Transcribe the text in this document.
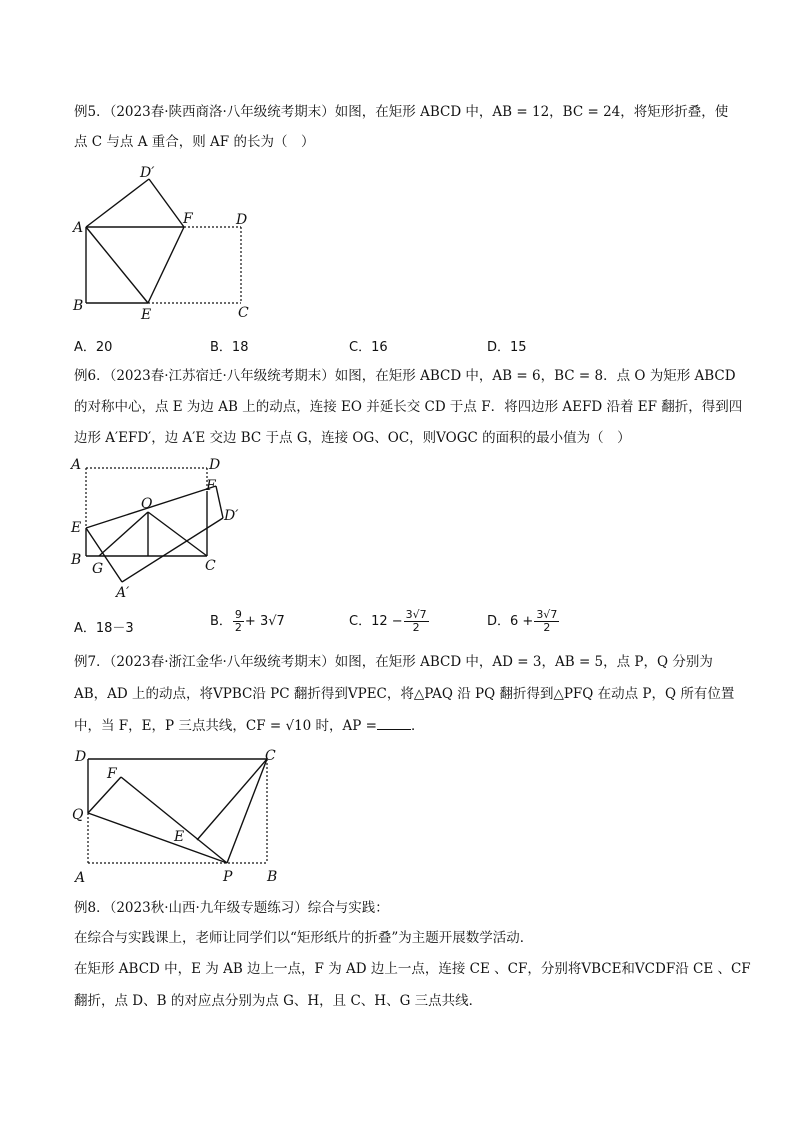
例5．（2023春·陕西商洛·八年级统考期末）如图，在矩形 ABCD 中，AB = 12，BC = 24，将矩形折叠，使
点 C 与点 A 重合，则 AF 的长为（　）
D′
A
F	D
B
E	C
A．20	B．18	C．16	D．15
例6．（2023春·江苏宿迁·八年级统考期末）如图，在矩形 ABCD 中，AB = 6，BC = 8．点 O 为矩形 ABCD
的对称中心，点 E 为边 AB 上的动点，连接 EO 并延长交 CD 于点 F．将四边形 AEFD 沿着 EF 翻折，得到四
边形 A′EFD′，边 A′E 交边 BC 于点 G，连接 OG、OC，则VOGC 的面积的最小值为（　）
A	D
F
O
D′
E
B
G	C
A′
A．18－3	B． $\frac{9}{2} + 3√7$	C．$12 - \frac{3√7}{2}$	D．$6 + \frac{3√7}{2}$
例7．（2023春·浙江金华·八年级统考期末）如图，在矩形 ABCD 中，AD = 3，AB = 5，点 P，Q 分别为
AB，AD 上的动点，将VPBC沿 PC 翻折得到VPEC，将△PAQ 沿 PQ 翻折得到△PFQ 在动点 P，Q 所有位置
中，当 F，E，P 三点共线，CF = √10 时，AP =	．
D	C
F
Q
E
A	P B
例8．（2023秋·山西·九年级专题练习）综合与实践：
在综合与实践课上，老师让同学们以“矩形纸片的折叠”为主题开展数学活动．
在矩形 ABCD 中，E 为 AB 边上一点，F 为 AD 边上一点，连接 CE 、CF，分别将VBCE和VCDF沿 CE 、CF
翻折，点 D、B 的对应点分别为点 G、H，且 C、H、G 三点共线．
